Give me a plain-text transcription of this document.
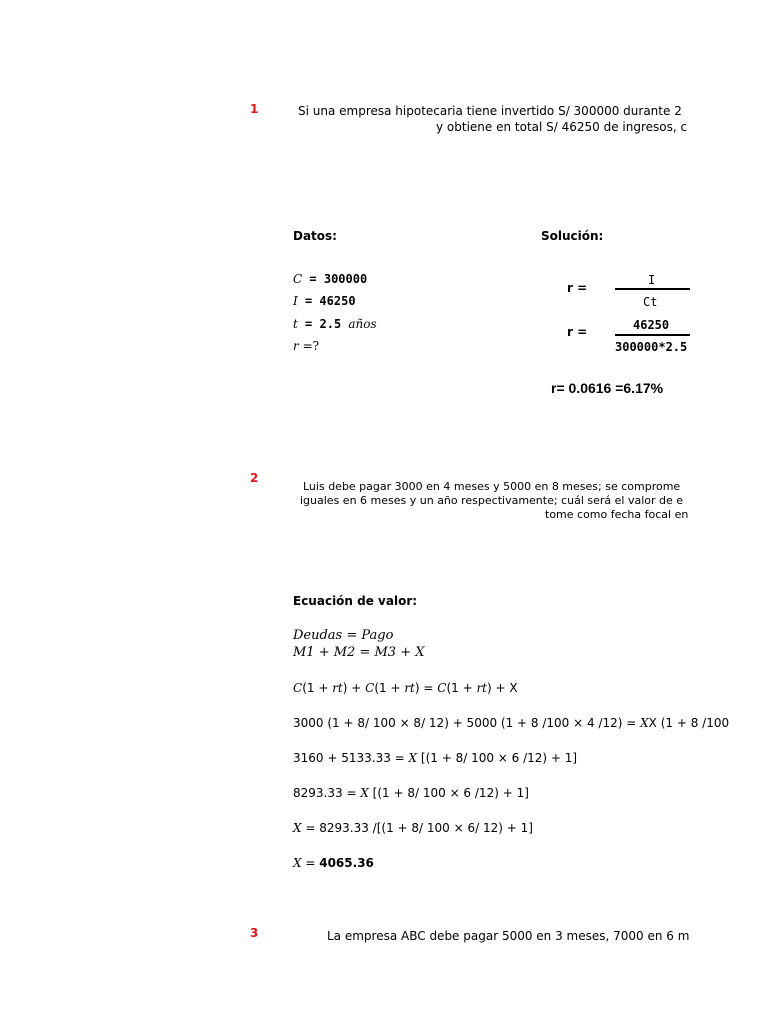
1
2
3
Si una empresa hipotecaria tiene invertido S/ 300000 durante 2
y obtiene en total S/ 46250 de ingresos, c
Datos:	Solución:
C = 300000
I = 46250
t = 2.5 años
r =?
r =
I
Ct
r =	46250
300000*2.5
r= 0.0616 =6.17%
Luis debe pagar 3000 en 4 meses y 5000 en 8 meses; se comprome
iguales en 6 meses y un año respectivamente; cuál será el valor de e
tome como fecha focal en
Ecuación de valor:
Deudas = Pago
M1 + M2 = M3 + X
C(1 + rt) + C(1 + rt) = C(1 + rt) + X
3000 (1 + 8/ 100 × 8/ 12) + 5000 (1 + 8 /100 × 4 /12) = XX (1 + 8 /100
3160 + 5133.33 = X [(1 + 8/ 100 × 6 /12) + 1]
8293.33 = X [(1 + 8/ 100 × 6 /12) + 1]
X = 8293.33 /[(1 + 8/ 100 × 6/ 12) + 1]
X = 4065.36
La empresa ABC debe pagar 5000 en 3 meses, 7000 en 6 m
